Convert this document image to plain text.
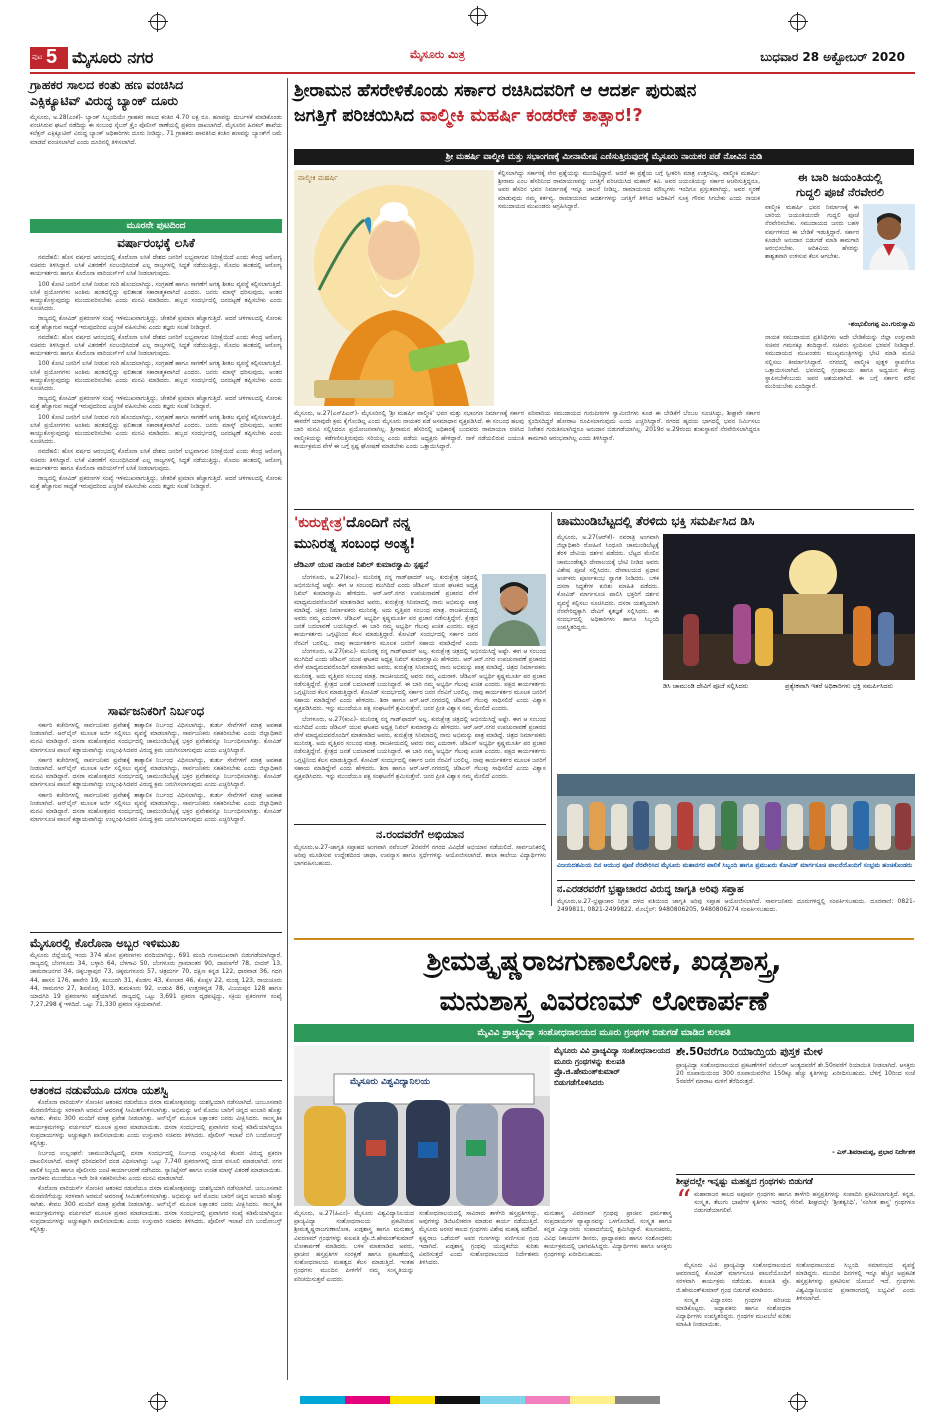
ಪುಟ 5 ಮೈಸೂರು ನಗರ	ಮೈಸೂರು ಮಿತ್ರ	ಬುಧವಾರ 28 ಅಕ್ಟೋಬರ್ 2020
ಗ್ರಾಹಕರ ಸಾಲದ ಕಂತು ಹಣ ವಂಚಿಸಿದ
ಎಕ್ಸಿಕ್ಯೂಟಿವ್ ವಿರುದ್ಧ ಬ್ಯಾಂಕ್ ದೂರು
ಮೈಸೂರು, ಅ.28(ಎಂಕೆ)- ಬ್ಯಾಂಕ್ ಸಿಬ್ಬಂದಿಯೇ ಗ್ರಾಹಕರ ಸಾಲದ ಕಂತಿನ 4.70 ಲಕ್ಷ ರೂ. ಹಣವನ್ನು ದುರ್ಬಳಕೆ ಮಾಡಿಕೊಂಡು ವಂಚಿಸಿರುವ ಘಟನೆ ನಡೆದಿದ್ದು ಈ ಸಂಬಂಧ ಸೈಬರ್ ಕ್ರೈಂ ಪೊಲೀಸ್ ಠಾಣೆಯಲ್ಲಿ ಪ್ರಕರಣ ದಾಖಲಾಗಿದೆ. ಮೈಸೂರಿನ ಹಿನಕಲ್ ಶಾಖೆಯ ಕಲೆಕ್ಷನ್ ಎಕ್ಸಿಕ್ಯೂಟಿವ್ ವಿರುದ್ಧ ಬ್ಯಾಂಕ್ ಅಧಿಕಾರಿಗಳು ದೂರು ನೀಡಿದ್ದು, 71 ಗ್ರಾಹಕರು ಪಾವತಿಸಿದ ಕಂತಿನ ಹಣವನ್ನು ಬ್ಯಾಂಕ್‌ಗೆ ಜಮೆ ಮಾಡದೆ ವಂಚಿಸಲಾಗಿದೆ ಎಂದು ದೂರಿನಲ್ಲಿ ತಿಳಿಸಲಾಗಿದೆ.
ಮೂರನೇ ಪುಟದಿಂದ
ವರ್ಷಾರಂಭಕ್ಕೆ ಲಸಿಕೆ

ನವದೆಹಲಿ: ಹೊಸ ವರ್ಷದ ಆರಂಭದಲ್ಲಿ ಕೊರೊನಾ ಲಸಿಕೆ ದೇಶದ ಜನರಿಗೆ ಲಭ್ಯವಾಗುವ ನಿರೀಕ್ಷೆಯಿದೆ ಎಂದು ಕೇಂದ್ರ ಆರೋಗ್ಯ ಸಚಿವರು ತಿಳಿಸಿದ್ದಾರೆ. ಲಸಿಕೆ ವಿತರಣೆಗೆ ಸಂಬಂಧಿಸಿದಂತೆ ಎಲ್ಲ ರಾಜ್ಯಗಳಲ್ಲಿ ಸಿದ್ಧತೆ ನಡೆಯುತ್ತಿದ್ದು, ಮೊದಲ ಹಂತದಲ್ಲಿ ಆರೋಗ್ಯ ಕಾರ್ಯಕರ್ತರು ಹಾಗೂ ಕೊರೊನಾ ವಾರಿಯರ್ಸ್‌ಗೆ ಲಸಿಕೆ ನೀಡಲಾಗುವುದು.

100 ಕೋಟಿ ಜನರಿಗೆ ಲಸಿಕೆ ನೀಡುವ ಗುರಿ ಹೊಂದಲಾಗಿದ್ದು, ಸಂಗ್ರಹಣೆ ಹಾಗೂ ಸಾಗಣೆಗೆ ಅಗತ್ಯ ಶೀತಲ ವ್ಯವಸ್ಥೆ ಕಲ್ಪಿಸಲಾಗುತ್ತಿದೆ. ಲಸಿಕೆ ಪ್ರಯೋಗಗಳು ಅಂತಿಮ ಹಂತದಲ್ಲಿದ್ದು ಫಲಿತಾಂಶ ಸಕಾರಾತ್ಮಕವಾಗಿದೆ ಎಂದರು. ಜನರು ಮಾಸ್ಕ್ ಧರಿಸುವುದು, ಅಂತರ ಕಾಯ್ದುಕೊಳ್ಳುವುದನ್ನು ಮುಂದುವರಿಸಬೇಕು ಎಂದು ಮನವಿ ಮಾಡಿದರು. ಹಬ್ಬದ ಸಂದರ್ಭದಲ್ಲಿ ಜನದಟ್ಟಣೆ ತಪ್ಪಿಸಬೇಕು ಎಂದು ಸೂಚಿಸಿದರು.

ರಾಜ್ಯದಲ್ಲಿ ಕೋವಿಡ್ ಪ್ರಕರಣಗಳ ಸಂಖ್ಯೆ ಇಳಿಮುಖವಾಗುತ್ತಿದ್ದು, ಚೇತರಿಕೆ ಪ್ರಮಾಣ ಹೆಚ್ಚಾಗುತ್ತಿದೆ. ಆದರೆ ಚಳಿಗಾಲದಲ್ಲಿ ಸೋಂಕು ಮತ್ತೆ ಹೆಚ್ಚಾಗುವ ಸಾಧ್ಯತೆ ಇರುವುದರಿಂದ ಎಚ್ಚರಿಕೆ ವಹಿಸಬೇಕು ಎಂದು ತಜ್ಞರು ಸಲಹೆ ನೀಡಿದ್ದಾರೆ.

ನವದೆಹಲಿ: ಹೊಸ ವರ್ಷದ ಆರಂಭದಲ್ಲಿ ಕೊರೊನಾ ಲಸಿಕೆ ದೇಶದ ಜನರಿಗೆ ಲಭ್ಯವಾಗುವ ನಿರೀಕ್ಷೆಯಿದೆ ಎಂದು ಕೇಂದ್ರ ಆರೋಗ್ಯ ಸಚಿವರು ತಿಳಿಸಿದ್ದಾರೆ. ಲಸಿಕೆ ವಿತರಣೆಗೆ ಸಂಬಂಧಿಸಿದಂತೆ ಎಲ್ಲ ರಾಜ್ಯಗಳಲ್ಲಿ ಸಿದ್ಧತೆ ನಡೆಯುತ್ತಿದ್ದು, ಮೊದಲ ಹಂತದಲ್ಲಿ ಆರೋಗ್ಯ ಕಾರ್ಯಕರ್ತರು ಹಾಗೂ ಕೊರೊನಾ ವಾರಿಯರ್ಸ್‌ಗೆ ಲಸಿಕೆ ನೀಡಲಾಗುವುದು.

100 ಕೋಟಿ ಜನರಿಗೆ ಲಸಿಕೆ ನೀಡುವ ಗುರಿ ಹೊಂದಲಾಗಿದ್ದು, ಸಂಗ್ರಹಣೆ ಹಾಗೂ ಸಾಗಣೆಗೆ ಅಗತ್ಯ ಶೀತಲ ವ್ಯವಸ್ಥೆ ಕಲ್ಪಿಸಲಾಗುತ್ತಿದೆ. ಲಸಿಕೆ ಪ್ರಯೋಗಗಳು ಅಂತಿಮ ಹಂತದಲ್ಲಿದ್ದು ಫಲಿತಾಂಶ ಸಕಾರಾತ್ಮಕವಾಗಿದೆ ಎಂದರು. ಜನರು ಮಾಸ್ಕ್ ಧರಿಸುವುದು, ಅಂತರ ಕಾಯ್ದುಕೊಳ್ಳುವುದನ್ನು ಮುಂದುವರಿಸಬೇಕು ಎಂದು ಮನವಿ ಮಾಡಿದರು. ಹಬ್ಬದ ಸಂದರ್ಭದಲ್ಲಿ ಜನದಟ್ಟಣೆ ತಪ್ಪಿಸಬೇಕು ಎಂದು ಸೂಚಿಸಿದರು.

ರಾಜ್ಯದಲ್ಲಿ ಕೋವಿಡ್ ಪ್ರಕರಣಗಳ ಸಂಖ್ಯೆ ಇಳಿಮುಖವಾಗುತ್ತಿದ್ದು, ಚೇತರಿಕೆ ಪ್ರಮಾಣ ಹೆಚ್ಚಾಗುತ್ತಿದೆ. ಆದರೆ ಚಳಿಗಾಲದಲ್ಲಿ ಸೋಂಕು ಮತ್ತೆ ಹೆಚ್ಚಾಗುವ ಸಾಧ್ಯತೆ ಇರುವುದರಿಂದ ಎಚ್ಚರಿಕೆ ವಹಿಸಬೇಕು ಎಂದು ತಜ್ಞರು ಸಲಹೆ ನೀಡಿದ್ದಾರೆ.

100 ಕೋಟಿ ಜನರಿಗೆ ಲಸಿಕೆ ನೀಡುವ ಗುರಿ ಹೊಂದಲಾಗಿದ್ದು, ಸಂಗ್ರಹಣೆ ಹಾಗೂ ಸಾಗಣೆಗೆ ಅಗತ್ಯ ಶೀತಲ ವ್ಯವಸ್ಥೆ ಕಲ್ಪಿಸಲಾಗುತ್ತಿದೆ. ಲಸಿಕೆ ಪ್ರಯೋಗಗಳು ಅಂತಿಮ ಹಂತದಲ್ಲಿದ್ದು ಫಲಿತಾಂಶ ಸಕಾರಾತ್ಮಕವಾಗಿದೆ ಎಂದರು. ಜನರು ಮಾಸ್ಕ್ ಧರಿಸುವುದು, ಅಂತರ ಕಾಯ್ದುಕೊಳ್ಳುವುದನ್ನು ಮುಂದುವರಿಸಬೇಕು ಎಂದು ಮನವಿ ಮಾಡಿದರು. ಹಬ್ಬದ ಸಂದರ್ಭದಲ್ಲಿ ಜನದಟ್ಟಣೆ ತಪ್ಪಿಸಬೇಕು ಎಂದು ಸೂಚಿಸಿದರು.

ನವದೆಹಲಿ: ಹೊಸ ವರ್ಷದ ಆರಂಭದಲ್ಲಿ ಕೊರೊನಾ ಲಸಿಕೆ ದೇಶದ ಜನರಿಗೆ ಲಭ್ಯವಾಗುವ ನಿರೀಕ್ಷೆಯಿದೆ ಎಂದು ಕೇಂದ್ರ ಆರೋಗ್ಯ ಸಚಿವರು ತಿಳಿಸಿದ್ದಾರೆ. ಲಸಿಕೆ ವಿತರಣೆಗೆ ಸಂಬಂಧಿಸಿದಂತೆ ಎಲ್ಲ ರಾಜ್ಯಗಳಲ್ಲಿ ಸಿದ್ಧತೆ ನಡೆಯುತ್ತಿದ್ದು, ಮೊದಲ ಹಂತದಲ್ಲಿ ಆರೋಗ್ಯ ಕಾರ್ಯಕರ್ತರು ಹಾಗೂ ಕೊರೊನಾ ವಾರಿಯರ್ಸ್‌ಗೆ ಲಸಿಕೆ ನೀಡಲಾಗುವುದು.

ರಾಜ್ಯದಲ್ಲಿ ಕೋವಿಡ್ ಪ್ರಕರಣಗಳ ಸಂಖ್ಯೆ ಇಳಿಮುಖವಾಗುತ್ತಿದ್ದು, ಚೇತರಿಕೆ ಪ್ರಮಾಣ ಹೆಚ್ಚಾಗುತ್ತಿದೆ. ಆದರೆ ಚಳಿಗಾಲದಲ್ಲಿ ಸೋಂಕು ಮತ್ತೆ ಹೆಚ್ಚಾಗುವ ಸಾಧ್ಯತೆ ಇರುವುದರಿಂದ ಎಚ್ಚರಿಕೆ ವಹಿಸಬೇಕು ಎಂದು ತಜ್ಞರು ಸಲಹೆ ನೀಡಿದ್ದಾರೆ.

ಸಾರ್ವಜನಿಕರಿಗೆ ನಿರ್ಬಂಧ

ಸರ್ಕಾರಿ ಕಚೇರಿಗಳಲ್ಲಿ ಸಾರ್ವಜನಿಕರ ಪ್ರವೇಶಕ್ಕೆ ತಾತ್ಕಾಲಿಕ ನಿರ್ಬಂಧ ವಿಧಿಸಲಾಗಿದ್ದು, ತುರ್ತು ಸೇವೆಗಳಿಗೆ ಮಾತ್ರ ಅವಕಾಶ ನೀಡಲಾಗಿದೆ. ಆನ್‌ಲೈನ್ ಮೂಲಕ ಅರ್ಜಿ ಸಲ್ಲಿಸಲು ವ್ಯವಸ್ಥೆ ಮಾಡಲಾಗಿದ್ದು, ಸಾರ್ವಜನಿಕರು ಸಹಕರಿಸಬೇಕು ಎಂದು ಜಿಲ್ಲಾಧಿಕಾರಿ ಮನವಿ ಮಾಡಿದ್ದಾರೆ. ದಸರಾ ಮಹೋತ್ಸವದ ಸಂದರ್ಭದಲ್ಲಿ ಚಾಮುಂಡಿಬೆಟ್ಟಕ್ಕೆ ಭಕ್ತರ ಪ್ರವೇಶವನ್ನೂ ನಿರ್ಬಂಧಿಸಲಾಗಿತ್ತು. ಕೋವಿಡ್ ಮಾರ್ಗಸೂಚಿ ಪಾಲನೆ ಕಡ್ಡಾಯವಾಗಿದ್ದು ಉಲ್ಲಂಘಿಸಿದವರ ವಿರುದ್ಧ ಕ್ರಮ ಜರುಗಿಸಲಾಗುವುದು ಎಂದು ಎಚ್ಚರಿಸಿದ್ದಾರೆ.

ಸರ್ಕಾರಿ ಕಚೇರಿಗಳಲ್ಲಿ ಸಾರ್ವಜನಿಕರ ಪ್ರವೇಶಕ್ಕೆ ತಾತ್ಕಾಲಿಕ ನಿರ್ಬಂಧ ವಿಧಿಸಲಾಗಿದ್ದು, ತುರ್ತು ಸೇವೆಗಳಿಗೆ ಮಾತ್ರ ಅವಕಾಶ ನೀಡಲಾಗಿದೆ. ಆನ್‌ಲೈನ್ ಮೂಲಕ ಅರ್ಜಿ ಸಲ್ಲಿಸಲು ವ್ಯವಸ್ಥೆ ಮಾಡಲಾಗಿದ್ದು, ಸಾರ್ವಜನಿಕರು ಸಹಕರಿಸಬೇಕು ಎಂದು ಜಿಲ್ಲಾಧಿಕಾರಿ ಮನವಿ ಮಾಡಿದ್ದಾರೆ. ದಸರಾ ಮಹೋತ್ಸವದ ಸಂದರ್ಭದಲ್ಲಿ ಚಾಮುಂಡಿಬೆಟ್ಟಕ್ಕೆ ಭಕ್ತರ ಪ್ರವೇಶವನ್ನೂ ನಿರ್ಬಂಧಿಸಲಾಗಿತ್ತು. ಕೋವಿಡ್ ಮಾರ್ಗಸೂಚಿ ಪಾಲನೆ ಕಡ್ಡಾಯವಾಗಿದ್ದು ಉಲ್ಲಂಘಿಸಿದವರ ವಿರುದ್ಧ ಕ್ರಮ ಜರುಗಿಸಲಾಗುವುದು ಎಂದು ಎಚ್ಚರಿಸಿದ್ದಾರೆ.

ಸರ್ಕಾರಿ ಕಚೇರಿಗಳಲ್ಲಿ ಸಾರ್ವಜನಿಕರ ಪ್ರವೇಶಕ್ಕೆ ತಾತ್ಕಾಲಿಕ ನಿರ್ಬಂಧ ವಿಧಿಸಲಾಗಿದ್ದು, ತುರ್ತು ಸೇವೆಗಳಿಗೆ ಮಾತ್ರ ಅವಕಾಶ ನೀಡಲಾಗಿದೆ. ಆನ್‌ಲೈನ್ ಮೂಲಕ ಅರ್ಜಿ ಸಲ್ಲಿಸಲು ವ್ಯವಸ್ಥೆ ಮಾಡಲಾಗಿದ್ದು, ಸಾರ್ವಜನಿಕರು ಸಹಕರಿಸಬೇಕು ಎಂದು ಜಿಲ್ಲಾಧಿಕಾರಿ ಮನವಿ ಮಾಡಿದ್ದಾರೆ. ದಸರಾ ಮಹೋತ್ಸವದ ಸಂದರ್ಭದಲ್ಲಿ ಚಾಮುಂಡಿಬೆಟ್ಟಕ್ಕೆ ಭಕ್ತರ ಪ್ರವೇಶವನ್ನೂ ನಿರ್ಬಂಧಿಸಲಾಗಿತ್ತು. ಕೋವಿಡ್ ಮಾರ್ಗಸೂಚಿ ಪಾಲನೆ ಕಡ್ಡಾಯವಾಗಿದ್ದು ಉಲ್ಲಂಘಿಸಿದವರ ವಿರುದ್ಧ ಕ್ರಮ ಜರುಗಿಸಲಾಗುವುದು ಎಂದು ಎಚ್ಚರಿಸಿದ್ದಾರೆ.

ಮೈಸೂರಲ್ಲಿ ಕೊರೊನಾ ಅಬ್ಬರ ಇಳಿಮುಖ
ಮೈಸೂರು ಜಿಲ್ಲೆಯಲ್ಲಿ ಇಂದು 374 ಹೊಸ ಪ್ರಕರಣಗಳು ವರದಿಯಾಗಿದ್ದು, 691 ಮಂದಿ ಗುಣಮುಖರಾಗಿ ಬಿಡುಗಡೆಯಾಗಿದ್ದಾರೆ. ರಾಜ್ಯದಲ್ಲಿ ಬೆಂಗಳೂರು 34, ಬಳ್ಳಾರಿ 64, ಬೆಳಗಾವಿ 50, ಬೆಂಗಳೂರು ಗ್ರಾಮಾಂತರ 90, ದಾವಣಗೆರೆ 78, ಬೀದರ್ 13, ಚಾಮರಾಜನಗರ 34, ಚಿಕ್ಕಬಳ್ಳಾಪುರ 73, ಚಿಕ್ಕಮಗಳೂರು 57, ಚಿತ್ರದುರ್ಗ 70, ದಕ್ಷಿಣ ಕನ್ನಡ 122, ಧಾರವಾಡ 36, ಗದಗ 44, ಹಾಸನ 176, ಹಾವೇರಿ 19, ಕಲಬುರಗಿ 31, ಕೊಡಗು 43, ಕೋಲಾರ 46, ಕೊಪ್ಪಳ 22, ಮಂಡ್ಯ 123, ರಾಯಚೂರು 44, ರಾಮನಗರ 27, ಶಿವಮೊಗ್ಗ 103, ತುಮಕೂರು 92, ಉಡುಪಿ 86, ಉತ್ತರಕನ್ನಡ 78, ವಿಜಯಪುರ 128 ಹಾಗೂ ಯಾದಗಿರಿ 19 ಪ್ರಕರಣಗಳು ಪತ್ತೆಯಾಗಿವೆ. ರಾಜ್ಯದಲ್ಲಿ ಒಟ್ಟು 3,691 ಪ್ರಕರಣ ದೃಢಪಟ್ಟಿದ್ದು, ಸಕ್ರಿಯ ಪ್ರಕರಣಗಳ ಸಂಖ್ಯೆ 7,27,298 ಕ್ಕೆ ಇಳಿದಿದೆ. ಒಟ್ಟು 71,330 ಪ್ರಕರಣ ಸಕ್ರಿಯವಾಗಿವೆ.
ಆತಂಕದ ನಡುವೆಯೂ ದಸರಾ ಯಶಸ್ವಿ

ಕೊರೊನಾ ವಾರಿಯರ್ಸ್ ಸೋಂಕಿನ ಆತಂಕದ ನಡುವೆಯೂ ದಸರಾ ಮಹೋತ್ಸವವನ್ನು ಯಶಸ್ವಿಯಾಗಿ ನಡೆಸಲಾಗಿದೆ. ಜಂಬೂಸವಾರಿ ಮೆರವಣಿಗೆಯನ್ನು ಸರಳವಾಗಿ ಅರಮನೆ ಆವರಣಕ್ಕೆ ಸೀಮಿತಗೊಳಿಸಲಾಗಿತ್ತು. ಅಭಿಮನ್ಯು ಆನೆ ಮೊದಲ ಬಾರಿಗೆ ಚಿನ್ನದ ಅಂಬಾರಿ ಹೊತ್ತು ಸಾಗಿತು. ಕೇವಲ 300 ಮಂದಿಗೆ ಮಾತ್ರ ಪ್ರವೇಶ ನೀಡಲಾಗಿತ್ತು. ಆನ್‌ಲೈನ್ ಮೂಲಕ ಲಕ್ಷಾಂತರ ಜನರು ವೀಕ್ಷಿಸಿದರು. ಸಾಂಸ್ಕೃತಿಕ ಕಾರ್ಯಕ್ರಮಗಳನ್ನು ವರ್ಚುವಲ್ ಮೂಲಕ ಪ್ರಸಾರ ಮಾಡಲಾಯಿತು. ದಸರಾ ಸಂದರ್ಭದಲ್ಲಿ ಪ್ರವಾಸಿಗರ ಸಂಖ್ಯೆ ಕಡಿಮೆಯಾಗಿದ್ದರೂ ಸಂಪ್ರದಾಯಗಳನ್ನು ಅಚ್ಚುಕಟ್ಟಾಗಿ ಪಾಲಿಸಲಾಯಿತು ಎಂದು ಉಸ್ತುವಾರಿ ಸಚಿವರು ತಿಳಿಸಿದರು. ಪೊಲೀಸ್ ಇಲಾಖೆ ಬಿಗಿ ಬಂದೋಬಸ್ತ್ ಕಲ್ಪಿಸಿತ್ತು.

ನಿರ್ಬಂಧ ಉಲ್ಲಂಘನೆ: ಚಾಮುಂಡಿಬೆಟ್ಟದಲ್ಲಿ ದಸರಾ ಸಂದರ್ಭದಲ್ಲಿ ನಿರ್ಬಂಧ ಉಲ್ಲಂಘಿಸಿದ ಕೆಲವರ ವಿರುದ್ಧ ಪ್ರಕರಣ ದಾಖಲಿಸಲಾಗಿದೆ. ಮಾಸ್ಕ್ ಧರಿಸದವರಿಗೆ ದಂಡ ವಿಧಿಸಲಾಗಿದ್ದು ಒಟ್ಟು 7,740 ಪ್ರಕರಣಗಳಲ್ಲಿ ದಂಡ ವಸೂಲಿ ಮಾಡಲಾಗಿದೆ. ನಗರ ಪಾಲಿಕೆ ಸಿಬ್ಬಂದಿ ಹಾಗೂ ಪೊಲೀಸರು ಜಂಟಿ ಕಾರ್ಯಾಚರಣೆ ನಡೆಸಿದರು. ಸ್ಯಾನಿಟೈಸರ್ ಹಾಗೂ ಉಚಿತ ಮಾಸ್ಕ್ ವಿತರಣೆ ಮಾಡಲಾಯಿತು. ನಾಗರಿಕರು ಮುಂದೆಯೂ ಇದೇ ರೀತಿ ಸಹಕರಿಸಬೇಕು ಎಂದು ಮನವಿ ಮಾಡಲಾಗಿದೆ.

ಕೊರೊನಾ ವಾರಿಯರ್ಸ್ ಸೋಂಕಿನ ಆತಂಕದ ನಡುವೆಯೂ ದಸರಾ ಮಹೋತ್ಸವವನ್ನು ಯಶಸ್ವಿಯಾಗಿ ನಡೆಸಲಾಗಿದೆ. ಜಂಬೂಸವಾರಿ ಮೆರವಣಿಗೆಯನ್ನು ಸರಳವಾಗಿ ಅರಮನೆ ಆವರಣಕ್ಕೆ ಸೀಮಿತಗೊಳಿಸಲಾಗಿತ್ತು. ಅಭಿಮನ್ಯು ಆನೆ ಮೊದಲ ಬಾರಿಗೆ ಚಿನ್ನದ ಅಂಬಾರಿ ಹೊತ್ತು ಸಾಗಿತು. ಕೇವಲ 300 ಮಂದಿಗೆ ಮಾತ್ರ ಪ್ರವೇಶ ನೀಡಲಾಗಿತ್ತು. ಆನ್‌ಲೈನ್ ಮೂಲಕ ಲಕ್ಷಾಂತರ ಜನರು ವೀಕ್ಷಿಸಿದರು. ಸಾಂಸ್ಕೃತಿಕ ಕಾರ್ಯಕ್ರಮಗಳನ್ನು ವರ್ಚುವಲ್ ಮೂಲಕ ಪ್ರಸಾರ ಮಾಡಲಾಯಿತು. ದಸರಾ ಸಂದರ್ಭದಲ್ಲಿ ಪ್ರವಾಸಿಗರ ಸಂಖ್ಯೆ ಕಡಿಮೆಯಾಗಿದ್ದರೂ ಸಂಪ್ರದಾಯಗಳನ್ನು ಅಚ್ಚುಕಟ್ಟಾಗಿ ಪಾಲಿಸಲಾಯಿತು ಎಂದು ಉಸ್ತುವಾರಿ ಸಚಿವರು ತಿಳಿಸಿದರು. ಪೊಲೀಸ್ ಇಲಾಖೆ ಬಿಗಿ ಬಂದೋಬಸ್ತ್ ಕಲ್ಪಿಸಿತ್ತು.

ಶ್ರೀರಾಮನ ಹೆಸರೇಳಿಕೊಂಡು ಸರ್ಕಾರ ರಚಿಸಿದವರಿಗೆ ಆ ಆದರ್ಶ ಪುರುಷನ
ಜಗತ್ತಿಗೆ ಪರಿಚಯಿಸಿದ ವಾಲ್ಮೀಕಿ ಮಹರ್ಷಿ ಕಂಡರೇಕೆ ತಾತ್ಸಾರ!?
ಶ್ರೀ ಮಹರ್ಷಿ ವಾಲ್ಮೀಕಿ ಮತ್ತು ಸಭಾಂಗಣಕ್ಕೆ ಮೀನಾಮೇಷ ಎಣಿಸುತ್ತಿರುವುದಕ್ಕೆ ಮೈಸೂರು ನಾಯಕರ ಪಡೆ ನೋವಿನ ನುಡಿ
ವಾಲ್ಮೀಕಿ ಮಹರ್ಷಿ
ಕೆಲ್ಲಿಸಲಾಗಿದ್ದು ಸರ್ಕಾರಕ್ಕೆ ನೇರ ಪ್ರಶ್ನೆಯನ್ನು ಮುಂದಿಟ್ಟಿದ್ದಾರೆ. ಆದರೆ ಈ ಪ್ರಶ್ನೆಯ ಬಗ್ಗೆ ಸ್ವೀಕರಿಸಿ ಮಾತ್ರ ಉತ್ತರವಿಲ್ಲ. ವಾಲ್ಮೀಕಿ ಮಹರ್ಷಿ: ಶ್ರೀರಾಮ ಎಂಬ ಹೆಸರಿನಿಂದ ರಾಮಾಯಣವನ್ನು ಜಗತ್ತಿಗೆ ಪರಿಚಯಿಸಿದ ಮಹಾನ್ ಕವಿ. ಅವರ ಜಯಂತಿಯನ್ನು ಸರ್ಕಾರ ಆಚರಿಸುತ್ತಿದ್ದರೂ, ಅವರ ಹೆಸರಿನ ಭವನ ನಿರ್ಮಾಣಕ್ಕೆ ಇನ್ನೂ ಚಾಲನೆ ನೀಡಿಲ್ಲ. ರಾಮಾಯಣದ ಮೌಲ್ಯಗಳು ಇಂದಿಗೂ ಪ್ರಸ್ತುತವಾಗಿದ್ದು, ಅವರ ಸ್ಮರಣೆ ಮಾಡುವುದು ನಮ್ಮ ಕರ್ತವ್ಯ. ರಾಮಾಯಣದ ಆದರ್ಶಗಳನ್ನು ಜಗತ್ತಿಗೆ ತಿಳಿಸಿದ ಆದಿಕವಿಗೆ ಸೂಕ್ತ ಗೌರವ ಸಿಗಬೇಕು ಎಂದು ನಾಯಕ ಸಮುದಾಯದ ಮುಖಂಡರು ಆಗ್ರಹಿಸಿದ್ದಾರೆ.
ಮೈಸೂರು, ಅ.27(ಎಸ್‌ಪಿಎನ್)- ಮೈಸೂರಿನಲ್ಲಿ 'ಶ್ರೀ ಮಹರ್ಷಿ ವಾಲ್ಮೀಕಿ' ಭವನ ಮತ್ತು ಸಭಾಂಗಣ ನಿರ್ಮಾಣಕ್ಕೆ ಸರ್ಕಾರ ಈವರೆಗೆ ಯಾವುದೇ ಕ್ರಮ ಕೈಗೊಂಡಿಲ್ಲ ಎಂದು ಮೈಸೂರು ನಾಯಕರ ಪಡೆ ಅಸಮಾಧಾನ ವ್ಯಕ್ತಪಡಿಸಿದೆ. ಈ ಸಂಬಂಧ ಹಲವು ಬಾರಿ ಮನವಿ ಸಲ್ಲಿಸಿದರೂ ಪ್ರಯೋಜನವಾಗಿಲ್ಲ. ಶ್ರೀರಾಮನ ಹೆಸರಿನಲ್ಲಿ ಅಧಿಕಾರಕ್ಕೆ ಬಂದವರು ರಾಮಾಯಣ ರಚಿಸಿದ ವಾಲ್ಮೀಕಿಯನ್ನು ಕಡೆಗಣಿಸುತ್ತಿರುವುದು ಸರಿಯಲ್ಲ ಎಂದು ಪಡೆಯ ಅಧ್ಯಕ್ಷರು ಹೇಳಿದ್ದಾರೆ. ನಾಳೆ ನಡೆಯಲಿರುವ ಜಯಂತಿ ಕಾರ್ಯಕ್ರಮದ ವೇಳೆ ಈ ಬಗ್ಗೆ ಸ್ಪಷ್ಟ ಘೋಷಣೆ ಮಾಡಬೇಕು ಎಂದು ಒತ್ತಾಯಿಸಿದ್ದಾರೆ.
ಪರಿವಾರಿಯ ಸಮುದಾಯದ ಗುರುಪೀಠಗಳ ಸ್ವಾಮೀಜಿಗಳು ಕೂಡ ಈ ಬೇಡಿಕೆಗೆ ಬೆಂಬಲ ಸೂಚಿಸಿದ್ದು, ಶೀಘ್ರವೇ ಸರ್ಕಾರ ಸ್ಪಂದಿಸದಿದ್ದರೆ ಹೋರಾಟ ರೂಪಿಸಲಾಗುವುದು ಎಂದು ಎಚ್ಚರಿಸಿದ್ದಾರೆ. ನಗರದ ಹೃದಯ ಭಾಗದಲ್ಲಿ ಭವನ ನಿರ್ಮಿಸಲು ನಿವೇಶನ ಗುರುತಿಸಲಾಗಿದ್ದರೂ ಅನುದಾನ ಬಿಡುಗಡೆಯಾಗಿಲ್ಲ. 2019ರ ಅ.29ರಂದು ಶಂಕುಸ್ಥಾಪನೆ ನೆರವೇರಿಸಲಾಗಿದ್ದರೂ ಕಾಮಗಾರಿ ಆರಂಭವಾಗಿಲ್ಲ ಎಂದು ತಿಳಿಸಿದ್ದಾರೆ.
ಈ ಬಾರಿ ಜಯಂತಿಯಲ್ಲಿ
ಗುದ್ದಲಿ ಪೂಜೆ ನೆರವೇರಲಿ
ವಾಲ್ಮೀಕಿ ಮಹರ್ಷಿ ಭವನ ನಿರ್ಮಾಣಕ್ಕೆ ಈ ಬಾರಿಯ ಜಯಂತಿಯಂದೇ ಗುದ್ದಲಿ ಪೂಜೆ ನೆರವೇರಿಸಬೇಕು. ಸಮುದಾಯದ ಜನರು ಬಹಳ ವರ್ಷಗಳಿಂದ ಈ ಬೇಡಿಕೆ ಇಡುತ್ತಿದ್ದಾರೆ. ಸರ್ಕಾರ ಕೂಡಲೇ ಅನುದಾನ ಬಿಡುಗಡೆ ಮಾಡಿ ಕಾಮಗಾರಿ ಆರಂಭಿಸಬೇಕು. ಆದಿಕವಿಯ ಹೆಸರನ್ನು ಶಾಶ್ವತವಾಗಿ ಉಳಿಸುವ ಕೆಲಸ ಆಗಬೇಕು.
-ಶಂಭುಲಿಂಗಪ್ಪ ಎಂ.ಗುರುಸ್ವಾಮಿ
ನಾಯಕ ಸಮುದಾಯದ ಪ್ರತಿನಿಧಿಗಳು ಅದೇ ಬೇಡಿಕೆಯನ್ನು ಜಿಲ್ಲಾ ಉಸ್ತುವಾರಿ ಸಚಿವರ ಗಮನಕ್ಕೂ ತಂದಿದ್ದಾರೆ. ಸಚಿವರು ಸ್ಪಂದಿಸುವ ಭರವಸೆ ನೀಡಿದ್ದಾರೆ. ಸಮುದಾಯದ ಮುಖಂಡರು ಮುಖ್ಯಮಂತ್ರಿಗಳನ್ನು ಭೇಟಿ ಮಾಡಿ ಮನವಿ ಸಲ್ಲಿಸಲು ತೀರ್ಮಾನಿಸಿದ್ದಾರೆ. ನಗರದಲ್ಲಿ ವಾಲ್ಮೀಕಿ ಪುತ್ಥಳಿ ಸ್ಥಾಪನೆಗೂ ಒತ್ತಾಯಿಸಲಾಗಿದೆ. ಭವನದಲ್ಲಿ ಗ್ರಂಥಾಲಯ ಹಾಗೂ ಅಧ್ಯಯನ ಕೇಂದ್ರ ಸ್ಥಾಪಿಸಬೇಕೆಂಬುದು ಅವರ ಆಶಯವಾಗಿದೆ. ಈ ಬಗ್ಗೆ ಸರ್ಕಾರ ಮೌನ ಮುರಿಯಬೇಕು ಎಂದಿದ್ದಾರೆ.
'ಕುರುಕ್ಷೇತ್ರ'ದೊಂದಿಗೆ ನನ್ನ
ಮುನಿರತ್ನ ಸಂಬಂಧ ಅಂತ್ಯ!
ಜೆಡಿಎಸ್ ಯುವ ನಾಯಕ ನಿಖಿಲ್ ಕುಮಾರಸ್ವಾಮಿ ಸ್ಪಷ್ಟನೆ

ಬೆಂಗಳೂರು, ಅ.27(ಕಂಎ)- ಮುನಿರತ್ನ ನನ್ನ ಗಾಡ್‌ಫಾದರ್ ಅಲ್ಲ. ಕುರುಕ್ಷೇತ್ರ ಚಿತ್ರದಲ್ಲಿ ಅಭಿನಯಿಸಿದ್ದೆ ಅಷ್ಟೇ. ಈಗ ಆ ಸಂಬಂಧ ಮುಗಿದಿದೆ ಎಂದು ಜೆಡಿಎಸ್ ಯುವ ಘಟಕದ ಅಧ್ಯಕ್ಷ ನಿಖಿಲ್ ಕುಮಾರಸ್ವಾಮಿ ಹೇಳಿದರು. ಆರ್.ಆರ್.ನಗರ ಉಪಚುನಾವಣೆ ಪ್ರಚಾರದ ವೇಳೆ ಮಾಧ್ಯಮದವರೊಂದಿಗೆ ಮಾತನಾಡಿದ ಅವರು, ಕುರುಕ್ಷೇತ್ರ ಸಿನಿಮಾದಲ್ಲಿ ನಾನು ಅಭಿಮನ್ಯು ಪಾತ್ರ ಮಾಡಿದ್ದೆ. ಚಿತ್ರದ ನಿರ್ಮಾಪಕರು ಮುನಿರತ್ನ. ಅದು ವೃತ್ತಿಪರ ಸಂಬಂಧ ಮಾತ್ರ. ರಾಜಕೀಯದಲ್ಲಿ ಅವರು ನಮ್ಮ ಎದುರಾಳಿ. ಜೆಡಿಎಸ್ ಅಭ್ಯರ್ಥಿ ಕೃಷ್ಣಮೂರ್ತಿ ಪರ ಪ್ರಚಾರ ನಡೆಸುತ್ತಿದ್ದೇನೆ. ಕ್ಷೇತ್ರದ ಜನತೆ ಬದಲಾವಣೆ ಬಯಸಿದ್ದಾರೆ. ಈ ಬಾರಿ ನಮ್ಮ ಅಭ್ಯರ್ಥಿ ಗೆಲುವು ಖಚಿತ ಎಂದರು. ಪಕ್ಷದ ಕಾರ್ಯಕರ್ತರು ಒಗ್ಗಟ್ಟಿನಿಂದ ಕೆಲಸ ಮಾಡುತ್ತಿದ್ದಾರೆ. ಕೋವಿಡ್ ಸಂದರ್ಭದಲ್ಲಿ ಸರ್ಕಾರ ಜನರ ನೆರವಿಗೆ ಬರಲಿಲ್ಲ. ನಾವು ಕಾರ್ಯಕರ್ತರ ಮೂಲಕ ಜನರಿಗೆ ಸಹಾಯ ಮಾಡಿದ್ದೇವೆ ಎಂದು

ಬೆಂಗಳೂರು, ಅ.27(ಕಂಎ)- ಮುನಿರತ್ನ ನನ್ನ ಗಾಡ್‌ಫಾದರ್ ಅಲ್ಲ. ಕುರುಕ್ಷೇತ್ರ ಚಿತ್ರದಲ್ಲಿ ಅಭಿನಯಿಸಿದ್ದೆ ಅಷ್ಟೇ. ಈಗ ಆ ಸಂಬಂಧ ಮುಗಿದಿದೆ ಎಂದು ಜೆಡಿಎಸ್ ಯುವ ಘಟಕದ ಅಧ್ಯಕ್ಷ ನಿಖಿಲ್ ಕುಮಾರಸ್ವಾಮಿ ಹೇಳಿದರು. ಆರ್.ಆರ್.ನಗರ ಉಪಚುನಾವಣೆ ಪ್ರಚಾರದ ವೇಳೆ ಮಾಧ್ಯಮದವರೊಂದಿಗೆ ಮಾತನಾಡಿದ ಅವರು, ಕುರುಕ್ಷೇತ್ರ ಸಿನಿಮಾದಲ್ಲಿ ನಾನು ಅಭಿಮನ್ಯು ಪಾತ್ರ ಮಾಡಿದ್ದೆ. ಚಿತ್ರದ ನಿರ್ಮಾಪಕರು ಮುನಿರತ್ನ. ಅದು ವೃತ್ತಿಪರ ಸಂಬಂಧ ಮಾತ್ರ. ರಾಜಕೀಯದಲ್ಲಿ ಅವರು ನಮ್ಮ ಎದುರಾಳಿ. ಜೆಡಿಎಸ್ ಅಭ್ಯರ್ಥಿ ಕೃಷ್ಣಮೂರ್ತಿ ಪರ ಪ್ರಚಾರ ನಡೆಸುತ್ತಿದ್ದೇನೆ. ಕ್ಷೇತ್ರದ ಜನತೆ ಬದಲಾವಣೆ ಬಯಸಿದ್ದಾರೆ. ಈ ಬಾರಿ ನಮ್ಮ ಅಭ್ಯರ್ಥಿ ಗೆಲುವು ಖಚಿತ ಎಂದರು. ಪಕ್ಷದ ಕಾರ್ಯಕರ್ತರು ಒಗ್ಗಟ್ಟಿನಿಂದ ಕೆಲಸ ಮಾಡುತ್ತಿದ್ದಾರೆ. ಕೋವಿಡ್ ಸಂದರ್ಭದಲ್ಲಿ ಸರ್ಕಾರ ಜನರ ನೆರವಿಗೆ ಬರಲಿಲ್ಲ. ನಾವು ಕಾರ್ಯಕರ್ತರ ಮೂಲಕ ಜನರಿಗೆ ಸಹಾಯ ಮಾಡಿದ್ದೇವೆ ಎಂದು ಹೇಳಿದರು. ಶಿರಾ ಹಾಗೂ ಆರ್.ಆರ್.ನಗರದಲ್ಲಿ ಜೆಡಿಎಸ್ ಗೆಲುವು ಸಾಧಿಸಲಿದೆ ಎಂದು ವಿಶ್ವಾಸ ವ್ಯಕ್ತಪಡಿಸಿದರು. ಇನ್ನು ಮುಂದೆಯೂ ಪಕ್ಷ ಸಂಘಟನೆಗೆ ಶ್ರಮಿಸುತ್ತೇನೆ. ಜನರ ಪ್ರೀತಿ ವಿಶ್ವಾಸ ನಮ್ಮ ಮೇಲಿದೆ ಎಂದರು.

ಬೆಂಗಳೂರು, ಅ.27(ಕಂಎ)- ಮುನಿರತ್ನ ನನ್ನ ಗಾಡ್‌ಫಾದರ್ ಅಲ್ಲ. ಕುರುಕ್ಷೇತ್ರ ಚಿತ್ರದಲ್ಲಿ ಅಭಿನಯಿಸಿದ್ದೆ ಅಷ್ಟೇ. ಈಗ ಆ ಸಂಬಂಧ ಮುಗಿದಿದೆ ಎಂದು ಜೆಡಿಎಸ್ ಯುವ ಘಟಕದ ಅಧ್ಯಕ್ಷ ನಿಖಿಲ್ ಕುಮಾರಸ್ವಾಮಿ ಹೇಳಿದರು. ಆರ್.ಆರ್.ನಗರ ಉಪಚುನಾವಣೆ ಪ್ರಚಾರದ ವೇಳೆ ಮಾಧ್ಯಮದವರೊಂದಿಗೆ ಮಾತನಾಡಿದ ಅವರು, ಕುರುಕ್ಷೇತ್ರ ಸಿನಿಮಾದಲ್ಲಿ ನಾನು ಅಭಿಮನ್ಯು ಪಾತ್ರ ಮಾಡಿದ್ದೆ. ಚಿತ್ರದ ನಿರ್ಮಾಪಕರು ಮುನಿರತ್ನ. ಅದು ವೃತ್ತಿಪರ ಸಂಬಂಧ ಮಾತ್ರ. ರಾಜಕೀಯದಲ್ಲಿ ಅವರು ನಮ್ಮ ಎದುರಾಳಿ. ಜೆಡಿಎಸ್ ಅಭ್ಯರ್ಥಿ ಕೃಷ್ಣಮೂರ್ತಿ ಪರ ಪ್ರಚಾರ ನಡೆಸುತ್ತಿದ್ದೇನೆ. ಕ್ಷೇತ್ರದ ಜನತೆ ಬದಲಾವಣೆ ಬಯಸಿದ್ದಾರೆ. ಈ ಬಾರಿ ನಮ್ಮ ಅಭ್ಯರ್ಥಿ ಗೆಲುವು ಖಚಿತ ಎಂದರು. ಪಕ್ಷದ ಕಾರ್ಯಕರ್ತರು ಒಗ್ಗಟ್ಟಿನಿಂದ ಕೆಲಸ ಮಾಡುತ್ತಿದ್ದಾರೆ. ಕೋವಿಡ್ ಸಂದರ್ಭದಲ್ಲಿ ಸರ್ಕಾರ ಜನರ ನೆರವಿಗೆ ಬರಲಿಲ್ಲ. ನಾವು ಕಾರ್ಯಕರ್ತರ ಮೂಲಕ ಜನರಿಗೆ ಸಹಾಯ ಮಾಡಿದ್ದೇವೆ ಎಂದು ಹೇಳಿದರು. ಶಿರಾ ಹಾಗೂ ಆರ್.ಆರ್.ನಗರದಲ್ಲಿ ಜೆಡಿಎಸ್ ಗೆಲುವು ಸಾಧಿಸಲಿದೆ ಎಂದು ವಿಶ್ವಾಸ ವ್ಯಕ್ತಪಡಿಸಿದರು. ಇನ್ನು ಮುಂದೆಯೂ ಪಕ್ಷ ಸಂಘಟನೆಗೆ ಶ್ರಮಿಸುತ್ತೇನೆ. ಜನರ ಪ್ರೀತಿ ವಿಶ್ವಾಸ ನಮ್ಮ ಮೇಲಿದೆ ಎಂದರು.

ನ.ರಂದವರೆಗೆ ಅಭಿಯಾನ
ಮೈಸೂರು,ಅ.27-ಜಾಗೃತಿ ಸಪ್ತಾಹದ ಅಂಗವಾಗಿ ನವೆಂಬರ್ 2ರವರೆಗೆ ನಗರದ ವಿವಿಧೆಡೆ ಅಭಿಯಾನ ನಡೆಯಲಿದೆ. ಸಾರ್ವಜನಿಕರಲ್ಲಿ ಅರಿವು ಮೂಡಿಸುವ ಉದ್ದೇಶದಿಂದ ಜಾಥಾ, ಉಪನ್ಯಾಸ ಹಾಗೂ ಸ್ಪರ್ಧೆಗಳನ್ನು ಆಯೋಜಿಸಲಾಗಿದೆ. ಶಾಲಾ ಕಾಲೇಜು ವಿದ್ಯಾರ್ಥಿಗಳು ಭಾಗವಹಿಸಬಹುದು.
ಚಾಮುಂಡಿಬೆಟ್ಟದಲ್ಲಿ ತೆರಳಿದು ಭಕ್ತಿ ಸಮರ್ಪಿಸಿದ ಡಿಸಿ
ಮೈಸೂರು, ಅ.27(ಆರ್‌ಕೆ)- ನವರಾತ್ರಿ ಅಂಗವಾಗಿ ಜಿಲ್ಲಾಧಿಕಾರಿ ರೋಹಿಣಿ ಸಿಂಧೂರಿ ಚಾಮುಂಡಿಬೆಟ್ಟಕ್ಕೆ ತೆರಳಿ ದೇವಿಯ ದರ್ಶನ ಪಡೆದರು. ಬೆಟ್ಟದ ಮೇಲಿನ ಚಾಮುಂಡೇಶ್ವರಿ ದೇವಾಲಯಕ್ಕೆ ಭೇಟಿ ನೀಡಿದ ಅವರು ವಿಶೇಷ ಪೂಜೆ ಸಲ್ಲಿಸಿದರು. ದೇವಾಲಯದ ಪ್ರಧಾನ ಅರ್ಚಕರು ಪೂರ್ಣಕುಂಭ ಸ್ವಾಗತ ನೀಡಿದರು. ಬಳಿಕ ದಸರಾ ಸಿದ್ಧತೆಗಳ ಕುರಿತು ಮಾಹಿತಿ ಪಡೆದರು. ಕೋವಿಡ್ ಮಾರ್ಗಸೂಚಿ ಪಾಲಿಸಿ ಭಕ್ತರಿಗೆ ದರ್ಶನ ವ್ಯವಸ್ಥೆ ಕಲ್ಪಿಸಲು ಸೂಚಿಸಿದರು. ದಸರಾ ಯಶಸ್ವಿಯಾಗಿ ನೆರವೇರಿದ್ದಕ್ಕಾಗಿ ದೇವಿಗೆ ಕೃತಜ್ಞತೆ ಸಲ್ಲಿಸಿದರು. ಈ ಸಂದರ್ಭದಲ್ಲಿ ಅಧಿಕಾರಿಗಳು ಹಾಗೂ ಸಿಬ್ಬಂದಿ ಉಪಸ್ಥಿತರಿದ್ದರು.
ಡಿಸಿ ಚಾಮುಂಡಿ ದೇವಿಗೆ ಪೂಜೆ ಸಲ್ಲಿಸಿದರು	ಪ್ರತ್ಯೇಕವಾಗಿ ಇತರೆ ಅಧಿಕಾರಿಗಳು ಭಕ್ತಿ ಸಮರ್ಪಿಸಿದರು
ವಿಜಯದಶಮಿಯ ದಿನ ಆಯುಧ ಪೂಜೆ ನೆರವೇರಿಸಿದ ಮೈಸೂರು ಮಹಾನಗರ ಪಾಲಿಕೆ ಸಿಬ್ಬಂದಿ ಹಾಗೂ ಪ್ರಮುಖರು ಕೋವಿಡ್ ಮಾರ್ಗಸೂಚಿ ಪಾಲನೆಯೊಂದಿಗೆ ಸಂಭ್ರಮ ಹಂಚಿಕೊಂಡರು
ನ.ಎರಡರವರೆಗೆ ಭ್ರಷ್ಟಾಚಾರದ ವಿರುದ್ಧ ಜಾಗೃತಿ ಅರಿವು ಸಪ್ತಾಹ
ಮೈಸೂರು,ಅ.27-ಭ್ರಷ್ಟಾಚಾರ ನಿಗ್ರಹ ದಳದ ವತಿಯಿಂದ ಜಾಗೃತಿ ಅರಿವು ಸಪ್ತಾಹ ಆಯೋಜಿಸಲಾಗಿದೆ. ಸಾರ್ವಜನಿಕರು ದೂರುಗಳಿದ್ದಲ್ಲಿ ಸಂಪರ್ಕಿಸಬಹುದು. ದೂರವಾಣಿ: 0821-2499811, 0821-2499822. ಮೊಬೈಲ್: 9480806205, 9480806274 ಸಂಪರ್ಕಿಸಬಹುದು.
ಶ್ರೀಮತ್ಕೃಷ್ಣರಾಜಗುಣಾಲೋಕ, ಖಡ್ಗಶಾಸ್ತ್ರ,
ಮನುಶಾಸ್ತ್ರ ವಿವರಣಮ್ ಲೋಕಾರ್ಪಣೆ
ಮೈವಿವಿ ಪ್ರಾಚ್ಯವಿದ್ಯಾ ಸಂಶೋಧನಾಲಯದ ಮೂರು ಗ್ರಂಥಗಳ ಬಿಡುಗಡೆ ಮಾಡಿದ ಕುಲಪತಿ
ಮೈಸೂರು ವಿಶ್ವವಿದ್ಯಾನಿಲಯ
ಮೈಸೂರು ವಿವಿ ಪ್ರಾಚ್ಯವಿದ್ಯಾ ಸಂಶೋಧನಾಲಯದ ಮೂರು ಗ್ರಂಥಗಳನ್ನು ಕುಲಪತಿ ಪ್ರೊ.ಜಿ.ಹೇಮಂತ್‌ಕುಮಾರ್ ಬಿಡುಗಡೆಗೊಳಿಸಿದರು
ಶೇ.50ವರೆಗೂ ರಿಯಾಯ್ತಿಯ ಪುಸ್ತಕ ಮೇಳ
ಪ್ರಾಚ್ಯವಿದ್ಯಾ ಸಂಶೋಧನಾಲಯದ ಪ್ರಕಟಣೆಗಳಿಗೆ ನವೆಂಬರ್ ಅಂತ್ಯದವರೆಗೆ ಶೇ.50ರವರೆಗೆ ರಿಯಾಯಿತಿ ನೀಡಲಾಗಿದೆ. ಆಸಕ್ತರು 20 ರೂಪಾಯಿಯಿಂದ 300 ರೂಪಾಯಿವರೆಗಿನ 150ಕ್ಕೂ ಹೆಚ್ಚು ಕೃತಿಗಳನ್ನು ಖರೀದಿಸಬಹುದು. ಬೆಳಿಗ್ಗೆ 10ರಿಂದ ಸಂಜೆ 5ರವರೆಗೆ ಮಾರಾಟ ಮಳಿಗೆ ತೆರೆದಿರುತ್ತದೆ.
- ಎಸ್.ಶಿವರಾಮಪ್ಪ, ಪ್ರಭಾರ ನಿರ್ದೇಶಕ
ಶೀಘ್ರದಲ್ಲೇ ಇನ್ನಷ್ಟು ಮಹತ್ವದ ಗ್ರಂಥಗಳು ಬಿಡುಗಡೆ
“ ಮಹಾರಾಜರ ಕಾಲದ ಅಪೂರ್ವ ಗ್ರಂಥಗಳು ಹಾಗೂ ತಾಳೆಗರಿ ಹಸ್ತಪ್ರತಿಗಳನ್ನು ಸಂಪಾದಿಸಿ ಪ್ರಕಟಿಸಲಾಗುತ್ತಿದೆ. ಕನ್ನಡ, ಸಂಸ್ಕೃತ, ತೆಲುಗು ಭಾಷೆಗಳ ಕೃತಿಗಳು ಇದರಲ್ಲಿ ಸೇರಿವೆ. ಶೀಘ್ರದಲ್ಲೇ 'ಶ್ರೀತತ್ವನಿಧಿ', 'ಸಂಗೀತ ಶಾಸ್ತ್ರ' ಗ್ರಂಥಗಳೂ ಬಿಡುಗಡೆಯಾಗಲಿವೆ.
ಮೈಸೂರು, ಅ.27(ಹಿಎಂ)- ಮೈಸೂರು ವಿಶ್ವವಿದ್ಯಾನಿಲಯದ ಪ್ರಾಚ್ಯವಿದ್ಯಾ ಸಂಶೋಧನಾಲಯ ಪ್ರಕಟಿಸಿರುವ ಶ್ರೀಮತ್ಕೃಷ್ಣರಾಜಗುಣಾಲೋಕ, ಖಡ್ಗಶಾಸ್ತ್ರ ಹಾಗೂ ಮನುಶಾಸ್ತ್ರ ವಿವರಣಮ್ ಗ್ರಂಥಗಳನ್ನು ಕುಲಪತಿ ಪ್ರೊ.ಜಿ.ಹೇಮಂತ್‌ಕುಮಾರ್ ಲೋಕಾರ್ಪಣೆ ಮಾಡಿದರು. ಬಳಿಕ ಮಾತನಾಡಿದ ಅವರು, ಪ್ರಾಚೀನ ಹಸ್ತಪ್ರತಿಗಳ ಸಂರಕ್ಷಣೆ ಹಾಗೂ ಪ್ರಕಟಣೆಯಲ್ಲಿ ಸಂಶೋಧನಾಲಯ ಮಹತ್ವದ ಕೆಲಸ ಮಾಡುತ್ತಿದೆ. ಇಂತಹ ಗ್ರಂಥಗಳು ಮುಂದಿನ ಪೀಳಿಗೆಗೆ ನಮ್ಮ ಸಂಸ್ಕೃತಿಯನ್ನು ಪರಿಚಯಿಸುತ್ತವೆ ಎಂದರು.
ಸಂಶೋಧನಾಲಯದಲ್ಲಿ ಸಾವಿರಾರು ತಾಳೆಗರಿ ಹಸ್ತಪ್ರತಿಗಳಿದ್ದು, ಅವುಗಳನ್ನು ಡಿಜಿಟಲೀಕರಣ ಮಾಡುವ ಕಾರ್ಯ ನಡೆಯುತ್ತಿದೆ. ಮೈಸೂರು ಅರಸರ ಕಾಲದ ಗ್ರಂಥಗಳು ವಿಶೇಷ ಮಹತ್ವ ಪಡೆದಿವೆ. ಕೃಷ್ಣರಾಜ ಒಡೆಯರ್ ಅವರ ಗುಣಗಳನ್ನು ವರ್ಣಿಸುವ ಗ್ರಂಥ ಇದಾಗಿದೆ. ಖಡ್ಗಶಾಸ್ತ್ರ ಗ್ರಂಥವು ಯುದ್ಧಕಲೆಯ ಕುರಿತು ವಿವರಿಸುತ್ತದೆ ಎಂದು ಸಂಶೋಧನಾಲಯದ ನಿರ್ದೇಶಕರು ತಿಳಿಸಿದರು.
ಮನುಶಾಸ್ತ್ರ ವಿವರಣಮ್ ಗ್ರಂಥವು ಪ್ರಾಚೀನ ಧರ್ಮಶಾಸ್ತ್ರ ಸಂಪ್ರದಾಯಗಳ ವ್ಯಾಖ್ಯಾನವನ್ನು ಒಳಗೊಂಡಿದೆ. ಸಂಸ್ಕೃತ ಹಾಗೂ ಕನ್ನಡ ವಿದ್ವಾಂಸರು ಸಂಪಾದನೆಯಲ್ಲಿ ಶ್ರಮಿಸಿದ್ದಾರೆ. ಕುಲಸಚಿವರು, ವಿವಿಧ ನಿಕಾಯಗಳ ಡೀನರು, ಪ್ರಾಧ್ಯಾಪಕರು ಹಾಗೂ ಸಂಶೋಧಕರು ಕಾರ್ಯಕ್ರಮದಲ್ಲಿ ಭಾಗವಹಿಸಿದ್ದರು. ವಿದ್ಯಾರ್ಥಿಗಳು ಹಾಗೂ ಆಸಕ್ತರು ಗ್ರಂಥಗಳನ್ನು ಖರೀದಿಸಬಹುದು.

ಮೈಸೂರು ವಿವಿ ಪ್ರಾಚ್ಯವಿದ್ಯಾ ಸಂಶೋಧನಾಲಯದ ಆವರಣದಲ್ಲಿ ಕೋವಿಡ್ ಮಾರ್ಗಸೂಚಿ ಪಾಲನೆಯೊಂದಿಗೆ ಸರಳವಾಗಿ ಕಾರ್ಯಕ್ರಮ ನಡೆಯಿತು. ಕುಲಪತಿ ಪ್ರೊ. ಜಿ.ಹೇಮಂತ್‌ಕುಮಾರ್ ಗ್ರಂಥ ಬಿಡುಗಡೆ ಮಾಡಿದರು.

ಸಂಸ್ಕೃತ ವಿದ್ವಾಂಸರು ಗ್ರಂಥಗಳ ಪರಿಚಯ ಮಾಡಿಕೊಟ್ಟರು. ಅಧ್ಯಾಪಕರು ಹಾಗೂ ಸಂಶೋಧನಾ ವಿದ್ಯಾರ್ಥಿಗಳು ಉಪಸ್ಥಿತರಿದ್ದರು. ಗ್ರಂಥಗಳ ಮುಖಬೆಲೆ ಕುರಿತು ಮಾಹಿತಿ ನೀಡಲಾಯಿತು.

ಸಂಶೋಧನಾಲಯದ ಸಿಬ್ಬಂದಿ ಸಮಾರಂಭದ ವ್ಯವಸ್ಥೆ ಮಾಡಿದ್ದರು. ಮುಂದಿನ ದಿನಗಳಲ್ಲಿ ಇನ್ನೂ ಹೆಚ್ಚಿನ ಅಪ್ರಕಟಿತ ಹಸ್ತಪ್ರತಿಗಳನ್ನು ಪ್ರಕಟಿಸುವ ಯೋಜನೆ ಇದೆ. ಗ್ರಂಥಗಳು ವಿಶ್ವವಿದ್ಯಾನಿಲಯದ ಪ್ರಸಾರಾಂಗದಲ್ಲಿ ಲಭ್ಯವಿವೆ ಎಂದು ತಿಳಿಸಲಾಗಿದೆ.
